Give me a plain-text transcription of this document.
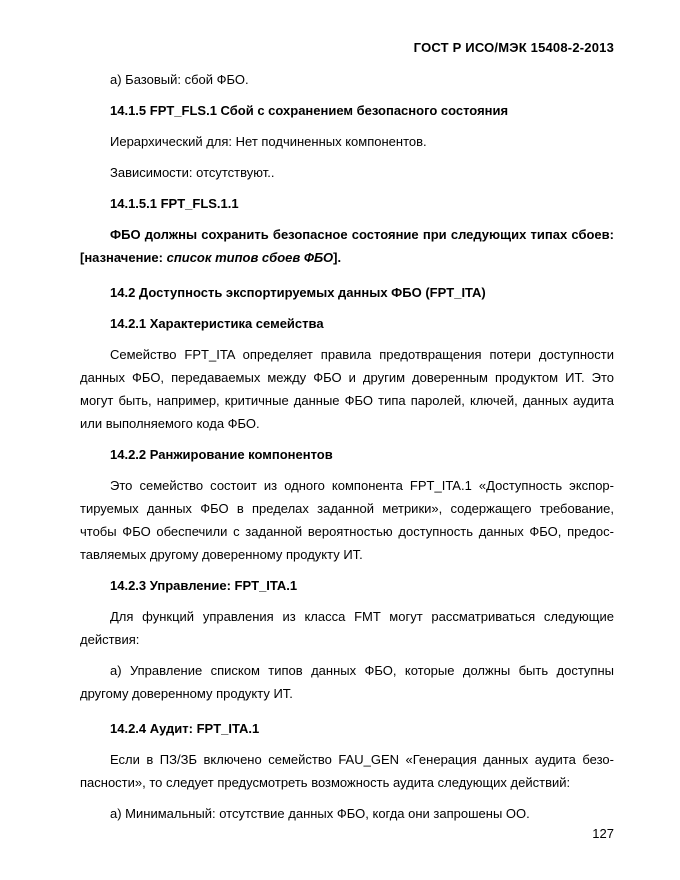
ГОСТ Р ИСО/МЭК 15408-2-2013

а) Базовый: сбой ФБО.

14.1.5 FPT_FLS.1 Сбой с сохранением безопасного состояния

Иерархический для: Нет подчиненных компонентов.

Зависимости: отсутствуют..

14.1.5.1 FPT_FLS.1.1

ФБО должны сохранить безопасное состояние при следующих типах сбоев: [назначение: список типов сбоев ФБО].

14.2 Доступность экспортируемых данных ФБО (FPT_ITA)

14.2.1 Характеристика семейства

Семейство FPT_ITA определяет правила предотвращения потери доступности данных ФБО, передаваемых между ФБО и другим доверенным продуктом ИТ. Это могут быть, например, критичные данные ФБО типа паролей, ключей, данных аудита или выполняемого кода ФБО.

14.2.2 Ранжирование компонентов

Это семейство состоит из одного компонента FPT_ITA.1 «Доступность экспортируемых данных ФБО в пределах заданной метрики», содержащего требование, чтобы ФБО обеспечили с заданной вероятностью доступность данных ФБО, предоставляемых другому доверенному продукту ИТ.

14.2.3 Управление: FPT_ITA.1

Для функций управления из класса FMT могут рассматриваться следующие действия:

а) Управление списком типов данных ФБО, которые должны быть доступны другому доверенному продукту ИТ.

14.2.4 Аудит: FPT_ITA.1

Если в ПЗ/ЗБ включено семейство FAU_GEN «Генерация данных аудита безопасности», то следует предусмотреть возможность аудита следующих действий:

а) Минимальный: отсутствие данных ФБО, когда они запрошены ОО.

127
